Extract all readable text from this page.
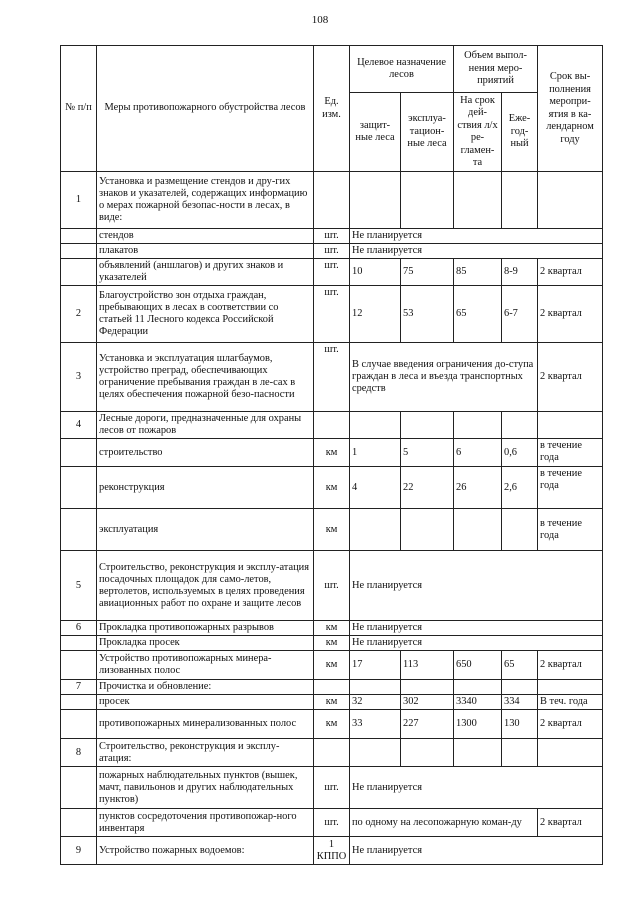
108
№ п/п	Меры противопожарного обустройства лесов	Ед. изм.	Целевое назначение лесов		Объем выпол-нения меро-приятий		Срок вы-полнения меропри-ятия в ка-лендарном году
			защит-ные леса	эксплуа-тацион-ные леса	На срок дей-ствия л/х ре-гламен-та	Еже-год-ный	
1	Установка и размещение стендов и дру-гих знаков и указателей, содержащих информацию о мерах пожарной безопас-ности в лесах, в виде:						
	стендов	шт.	Не планируется				
	плакатов	шт.	Не планируется				
	объявлений (аншлагов) и других знаков и указателей	шт.	10	75	85	8-9	2 квартал
2	Благоустройство зон отдыха граждан, пребывающих в лесах в соответствии со статьей 11 Лесного кодекса Российской Федерации	шт.	12	53	65	6-7	2 квартал
3	Установка и эксплуатация шлагбаумов, устройство преград, обеспечивающих ограничение пребывания граждан в ле-сах в целях обеспечения пожарной безо-пасности	шт.	В случае введения ограничения до-ступа граждан в леса и въезда транспортных средств				2 квартал
4	Лесные дороги, предназначенные для охраны лесов от пожаров						
	строительство	км	1	5	6	0,6	в течение года
	реконструкция	км	4	22	26	2,6	в течение года
	эксплуатация	км					в течение года
5	Строительство, реконструкция и эксплу-атация посадочных площадок для само-летов, вертолетов, используемых в целях проведения авиационных работ по охране и защите лесов	шт.	Не планируется				
6	Прокладка противопожарных разрывов	км	Не планируется				
	Прокладка просек	км	Не планируется				
	Устройство противопожарных минера-лизованных полос	км	17	113	650	65	2 квартал
7	Прочистка и обновление:						
	просек	км	32	302	3340	334	В теч. года
	противопожарных минерализованных полос	км	33	227	1300	130	2 квартал
8	Строительство, реконструкция и эксплу-атация:						
	пожарных наблюдательных пунктов (вышек, мачт, павильонов и других наблюдательных пунктов)	шт.	Не планируется				
	пунктов сосредоточения противопожар-ного инвентаря	шт.	по одному на лесопожарную коман-ду				2 квартал
9	Устройство пожарных водоемов:	1 КППО	Не планируется				
